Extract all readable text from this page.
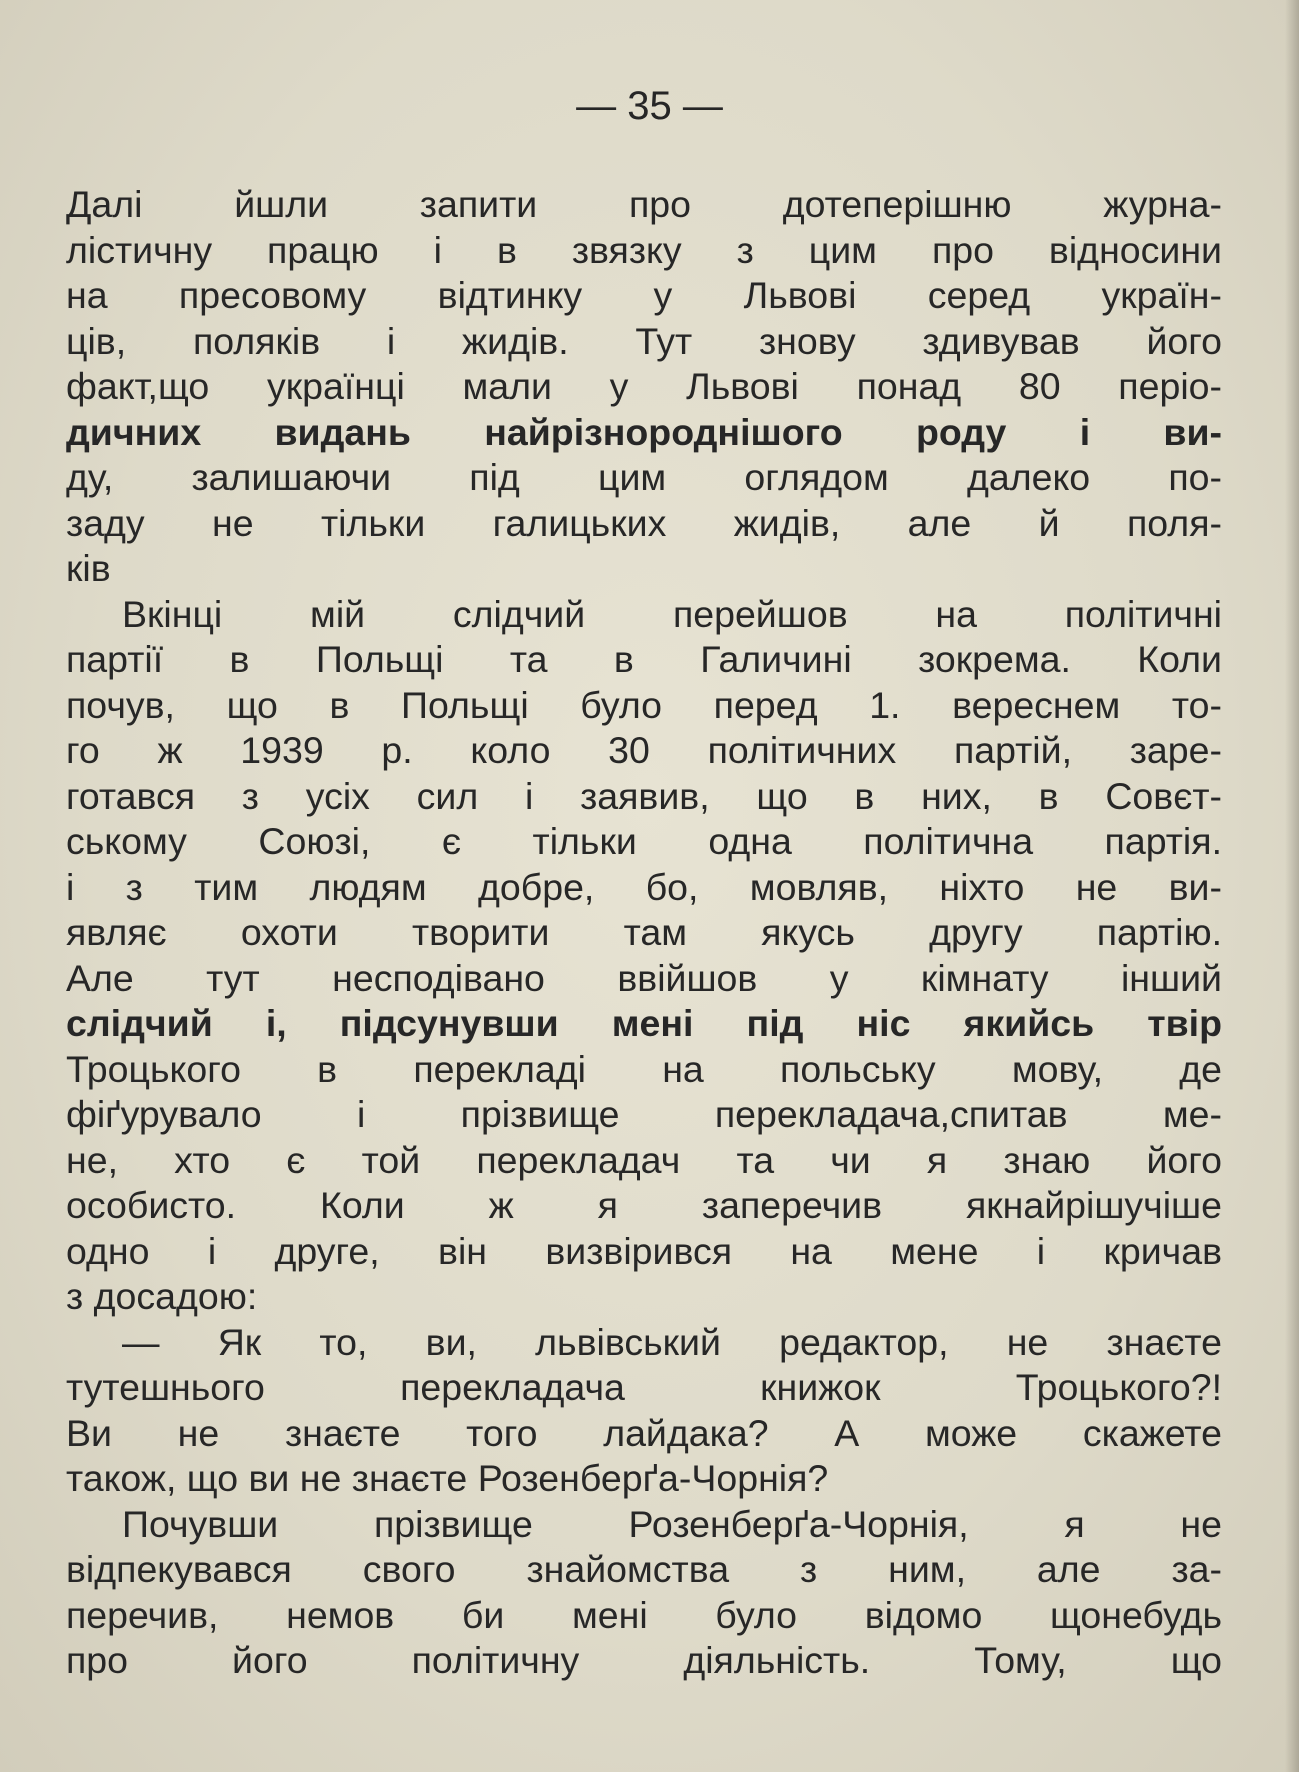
— 35 —
Далі йшли запити про дотеперішню журна-
лістичну працю і в звязку з цим про відносини
на пресовому відтинку у Львові серед україн-
ців, поляків і жидів. Тут знову здивував його
факт,що українці мали у Львові понад 80 періо-
дичних видань найрізнороднішого роду і ви-
ду, залишаючи під цим оглядом далеко по-
заду не тільки галицьких жидів, але й поля-
ків
Вкінці мій слідчий перейшов на політичні
партії в Польщі та в Галичині зокрема. Коли
почув, що в Польщі було перед 1. вереснем то-
го ж 1939 р. коло 30 політичних партій, заре-
готався з усіх сил і заявив, що в них, в Совєт-
ському Союзі, є тільки одна політична партія.
і з тим людям добре, бо, мовляв, ніхто не ви-
являє охоти творити там якусь другу партію.
Але тут несподівано ввійшов у кімнату інший
слідчий і, підсунувши мені під ніс якийсь твір
Троцького в перекладі на польську мову, де
фіґурувало і прізвище перекладача,спитав ме-
не, хто є той перекладач та чи я знаю його
особисто. Коли ж я заперечив якнайрішучіше
одно і друге, він визвірився на мене і кричав
з досадою:
— Як то, ви, львівський редактор, не знаєте
тутешнього перекладача книжок Троцького?!
Ви не знаєте того лайдака? А може скажете
також, що ви не знаєте Розенберґа-Чорнія?
Почувши прізвище Розенберґа-Чорнія, я не
відпекувався свого знайомства з ним, але за-
перечив, немов би мені було відомо щонебудь
про його політичну діяльність. Тому, що
